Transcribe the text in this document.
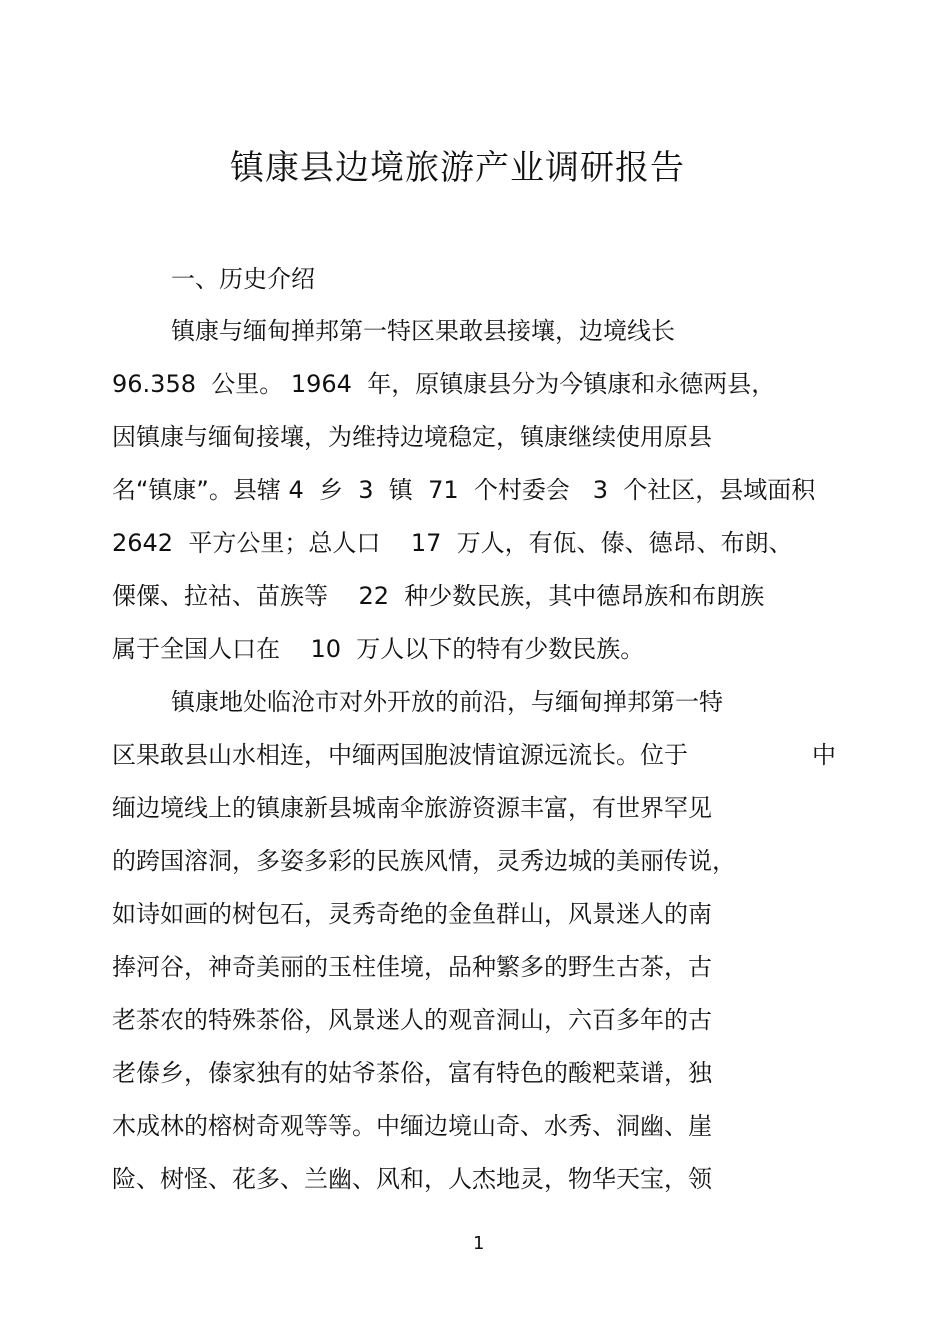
镇康县边境旅游产业调研报告
一、历史介绍
镇康与缅甸掸邦第一特区果敢县接壤，边境线长
96.358  公里。 1964  年，原镇康县分为今镇康和永德两县，
因镇康与缅甸接壤，为维持边境稳定，镇康继续使用原县
名“镇康”。县辖 4  乡  3  镇  71  个村委会   3  个社区，县域面积
2642  平方公里；总人口    17  万人，有佤、傣、德昂、布朗、
傈僳、拉祜、苗族等    22  种少数民族，其中德昂族和布朗族
属于全国人口在    10  万人以下的特有少数民族。
镇康地处临沧市对外开放的前沿，与缅甸掸邦第一特
区果敢县山水相连，中缅两国胞波情谊源远流长。位于	中
缅边境线上的镇康新县城南伞旅游资源丰富，有世界罕见
的跨国溶洞，多姿多彩的民族风情，灵秀边城的美丽传说，
如诗如画的树包石，灵秀奇绝的金鱼群山，风景迷人的南
捧河谷，神奇美丽的玉柱佳境，品种繁多的野生古茶，古
老茶农的特殊茶俗，风景迷人的观音洞山，六百多年的古
老傣乡，傣家独有的姑爷茶俗，富有特色的酸粑菜谱，独
木成林的榕树奇观等等。中缅边境山奇、水秀、洞幽、崖
险、树怪、花多、兰幽、风和，人杰地灵，物华天宝，领
1
